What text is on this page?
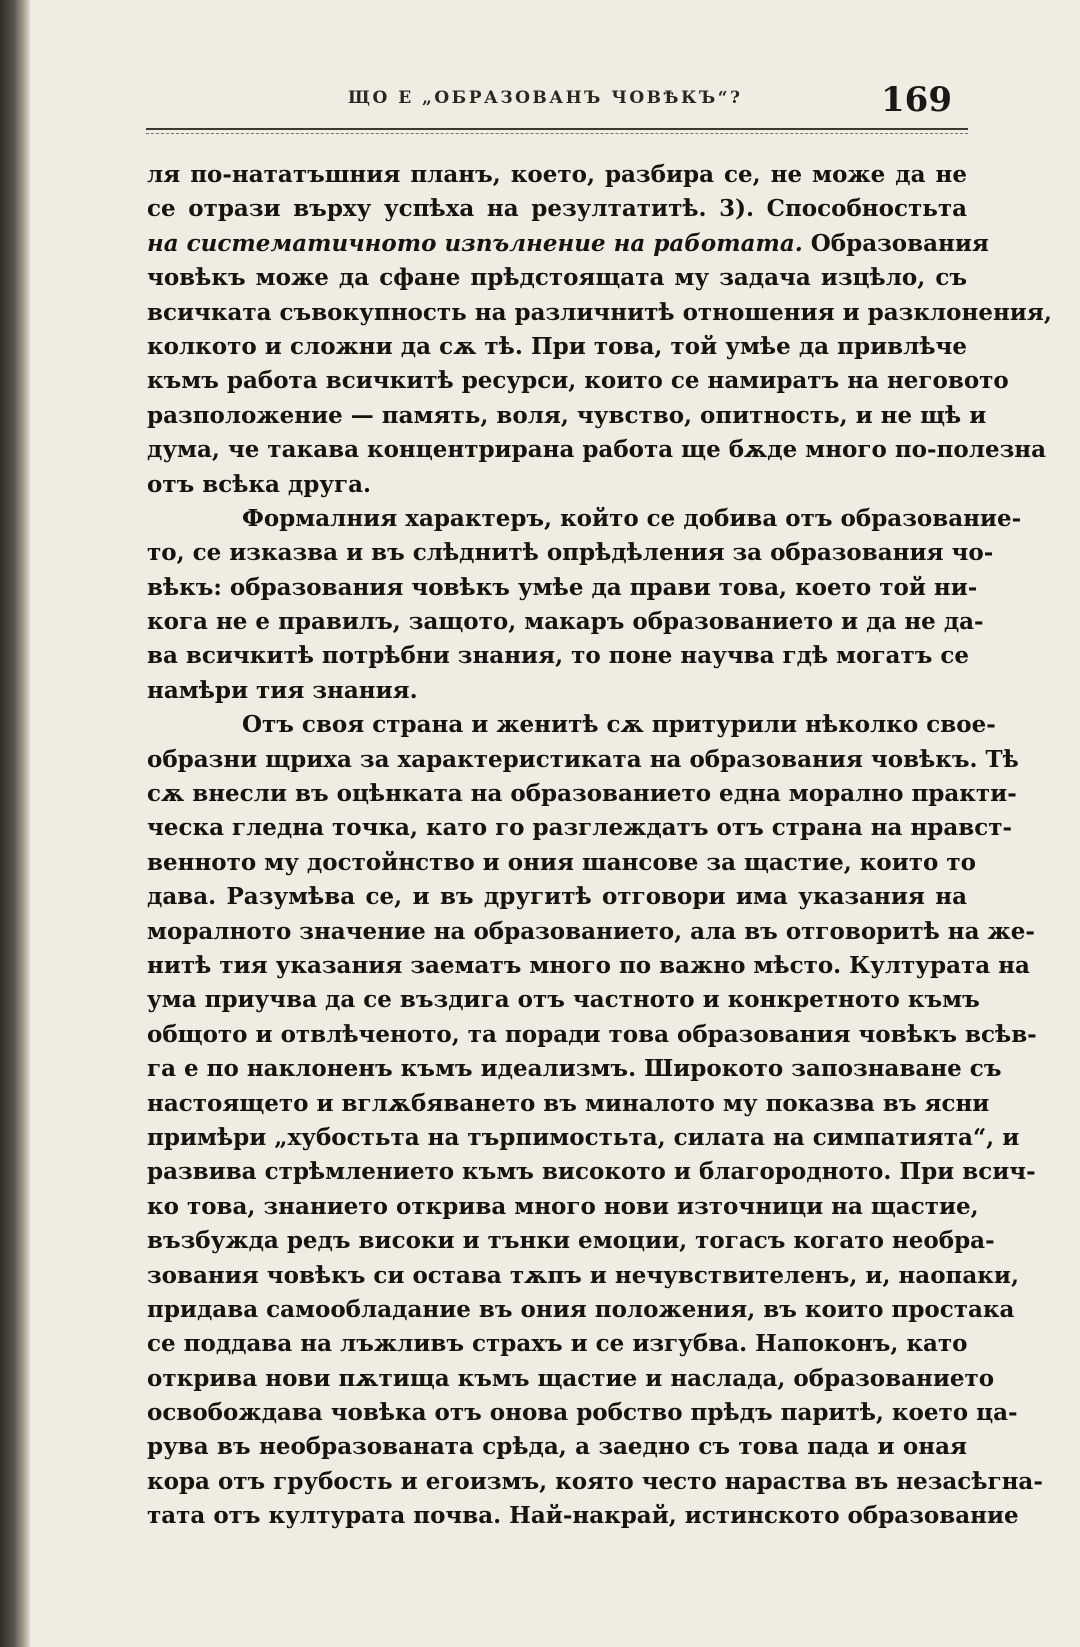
ЩО Е „ОБРАЗОВАНЪ ЧОВѢКЪ“?	169
ля по-нататъшния планъ, което, разбира се, не може да не
се отрази върху успѣха на резултатитѣ. 3). Способностьта
на систематичното изпълнение на работата. Образования
човѣкъ може да сфане прѣдстоящата му задача изцѣло, съ
всичката съвокупность на различнитѣ отношения и разклонения,
колкото и сложни да сѫ тѣ. При това, той умѣе да привлѣче
къмъ работа всичкитѣ ресурси, които се намиратъ на неговото
разположение — память, воля, чувство, опитность, и не щѣ и
дума, че такава концентрирана работа ще бѫде много по-полезна
отъ всѣка друга.
Формалния характеръ, който се добива отъ образование-
то, се изказва и въ слѣднитѣ опрѣдѣления за образования чо-
вѣкъ: образования човѣкъ умѣе да прави това, което той ни-
кога не е правилъ, защото, макаръ образованието и да не да-
ва всичкитѣ потрѣбни знания, то поне научва гдѣ могатъ се
намѣри тия знания.
Отъ своя страна и женитѣ сѫ притурили нѣколко свое-
образни щриха за характеристиката на образования човѣкъ. Тѣ
сѫ внесли въ оцѣнката на образованието една морално практи-
ческа гледна точка, като го разглеждатъ отъ страна на нравст-
венното му достойнство и ония шансове за щастие, които то
дава. Разумѣва се, и въ другитѣ отговори има указания на
моралното значение на образованието, ала въ отговоритѣ на же-
нитѣ тия указания заематъ много по важно мѣсто. Културата на
ума приучва да се въздига отъ частното и конкретното къмъ
общото и отвлѣченото, та поради това образования човѣкъ всѣв-
га е по наклоненъ къмъ идеализмъ. Широкото запознаване съ
настоящето и вглѫбяването въ миналото му показва въ ясни
примѣри „хубостьта на търпимостьта, силата на симпатията“, и
развива стрѣмлението къмъ високото и благородното. При всич-
ко това, знанието открива много нови източници на щастие,
възбужда редъ високи и тънки емоции, тогасъ когато необра-
зования човѣкъ си остава тѫпъ и нечувствителенъ, и, наопаки,
придава самообладание въ ония положения, въ които простака
се поддава на лъжливъ страхъ и се изгубва. Напоконъ, като
открива нови пѫтища къмъ щастие и наслада, образованието
освобождава човѣка отъ онова робство прѣдъ паритѣ, което ца-
рува въ необразованата срѣда, а заедно съ това пада и оная
кора отъ грубость и егоизмъ, която често нараства въ незасѣгна-
тата отъ културата почва. Най-накрай, истинското образование
